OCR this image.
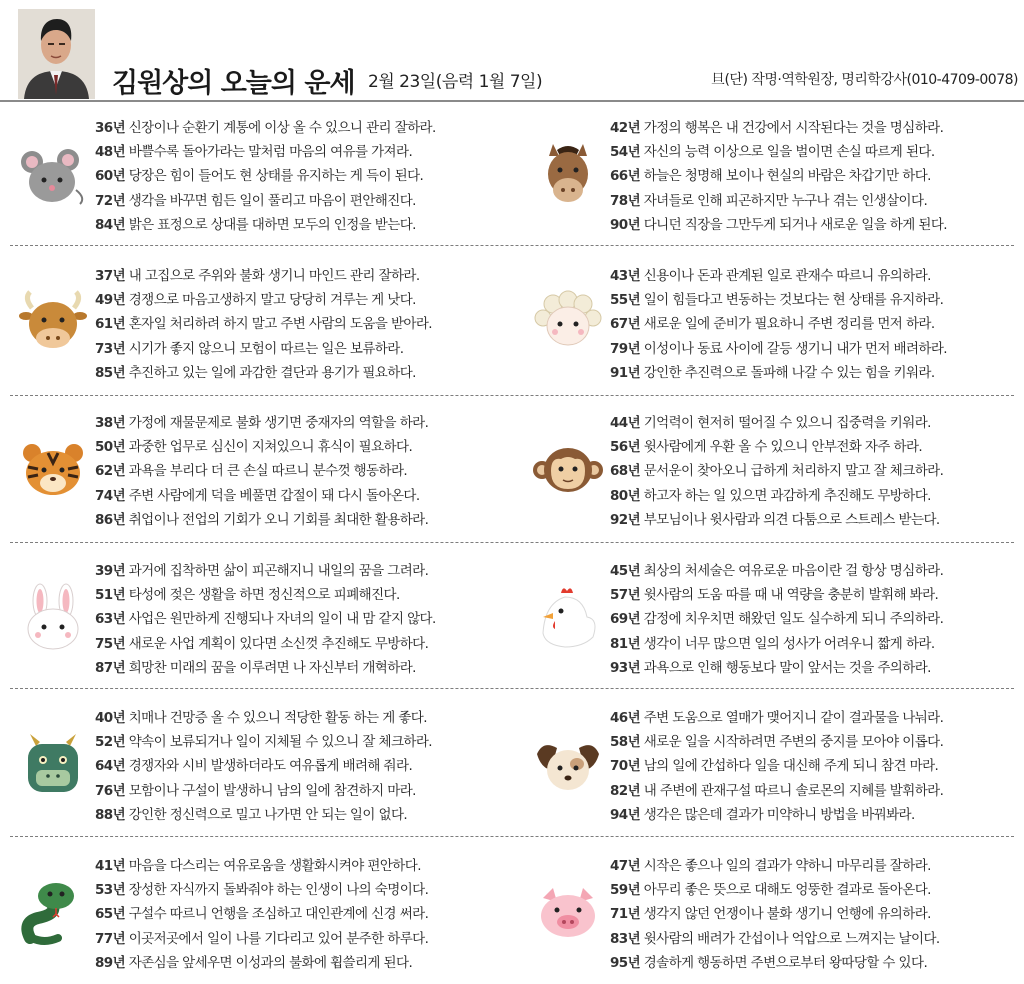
김원상의 오늘의 운세 2월 23일(음력 1월 7일)	旦(단) 작명·역학원장, 명리학강사(010-4709-0078)
36년 신장이나 순환기 계통에 이상 올 수 있으니 관리 잘하라.
48년 바쁠수록 돌아가라는 말처럼 마음의 여유를 가져라.
60년 당장은 힘이 들어도 현 상태를 유지하는 게 득이 된다.
72년 생각을 바꾸면 힘든 일이 풀리고 마음이 편안해진다.
84년 밝은 표정으로 상대를 대하면 모두의 인정을 받는다.
42년 가정의 행복은 내 건강에서 시작된다는 것을 명심하라.
54년 자신의 능력 이상으로 일을 벌이면 손실 따르게 된다.
66년 하늘은 청명해 보이나 현실의 바람은 차갑기만 하다.
78년 자녀들로 인해 피곤하지만 누구나 겪는 인생살이다.
90년 다니던 직장을 그만두게 되거나 새로운 일을 하게 된다.
37년 내 고집으로 주위와 불화 생기니 마인드 관리 잘하라.
49년 경쟁으로 마음고생하지 말고 당당히 겨루는 게 낫다.
61년 혼자일 처리하려 하지 말고 주변 사람의 도움을 받아라.
73년 시기가 좋지 않으니 모험이 따르는 일은 보류하라.
85년 추진하고 있는 일에 과감한 결단과 용기가 필요하다.
43년 신용이나 돈과 관계된 일로 관재수 따르니 유의하라.
55년 일이 힘들다고 변동하는 것보다는 현 상태를 유지하라.
67년 새로운 일에 준비가 필요하니 주변 정리를 먼저 하라.
79년 이성이나 동료 사이에 갈등 생기니 내가 먼저 배려하라.
91년 강인한 추진력으로 돌파해 나갈 수 있는 힘을 키워라.
38년 가정에 재물문제로 불화 생기면 중재자의 역할을 하라.
50년 과중한 업무로 심신이 지쳐있으니 휴식이 필요하다.
62년 과욕을 부리다 더 큰 손실 따르니 분수껏 행동하라.
74년 주변 사람에게 덕을 베풀면 갑절이 돼 다시 돌아온다.
86년 취업이나 전업의 기회가 오니 기회를 최대한 활용하라.
44년 기억력이 현저히 떨어질 수 있으니 집중력을 키워라.
56년 윗사람에게 우환 올 수 있으니 안부전화 자주 하라.
68년 문서운이 찾아오니 급하게 처리하지 말고 잘 체크하라.
80년 하고자 하는 일 있으면 과감하게 추진해도 무방하다.
92년 부모님이나 윗사람과 의견 다툼으로 스트레스 받는다.
39년 과거에 집착하면 삶이 피곤해지니 내일의 꿈을 그려라.
51년 타성에 젖은 생활을 하면 정신적으로 피폐해진다.
63년 사업은 원만하게 진행되나 자녀의 일이 내 맘 같지 않다.
75년 새로운 사업 계획이 있다면 소신껏 추진해도 무방하다.
87년 희망찬 미래의 꿈을 이루려면 나 자신부터 개혁하라.
45년 최상의 처세술은 여유로운 마음이란 걸 항상 명심하라.
57년 윗사람의 도움 따를 때 내 역량을 충분히 발휘해 봐라.
69년 감정에 치우치면 해왔던 일도 실수하게 되니 주의하라.
81년 생각이 너무 많으면 일의 성사가 어려우니 짧게 하라.
93년 과욕으로 인해 행동보다 말이 앞서는 것을 주의하라.
40년 치매나 건망증 올 수 있으니 적당한 활동 하는 게 좋다.
52년 약속이 보류되거나 일이 지체될 수 있으니 잘 체크하라.
64년 경쟁자와 시비 발생하더라도 여유롭게 배려해 줘라.
76년 모함이나 구설이 발생하니 남의 일에 참견하지 마라.
88년 강인한 정신력으로 밀고 나가면 안 되는 일이 없다.
46년 주변 도움으로 열매가 맺어지니 같이 결과물을 나눠라.
58년 새로운 일을 시작하려면 주변의 중지를 모아야 이롭다.
70년 남의 일에 간섭하다 일을 대신해 주게 되니 참견 마라.
82년 내 주변에 관재구설 따르니 솔로몬의 지혜를 발휘하라.
94년 생각은 많은데 결과가 미약하니 방법을 바꿔봐라.
41년 마음을 다스리는 여유로움을 생활화시켜야 편안하다.
53년 장성한 자식까지 돌봐줘야 하는 인생이 나의 숙명이다.
65년 구설수 따르니 언행을 조심하고 대인관계에 신경 써라.
77년 이곳저곳에서 일이 나를 기다리고 있어 분주한 하루다.
89년 자존심을 앞세우면 이성과의 불화에 휩쓸리게 된다.
47년 시작은 좋으나 일의 결과가 약하니 마무리를 잘하라.
59년 아무리 좋은 뜻으로 대해도 엉뚱한 결과로 돌아온다.
71년 생각지 않던 언쟁이나 불화 생기니 언행에 유의하라.
83년 윗사람의 배려가 간섭이나 억압으로 느껴지는 날이다.
95년 경솔하게 행동하면 주변으로부터 왕따당할 수 있다.
